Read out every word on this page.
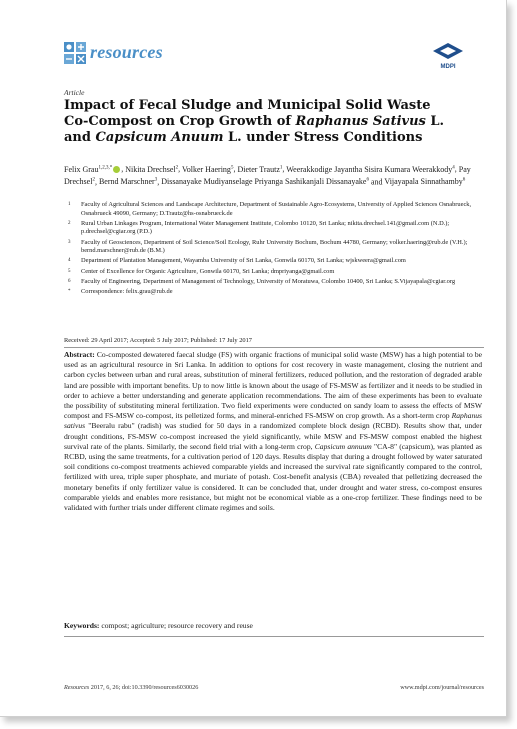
resources
MDPI
Article
Impact of Fecal Sludge and Municipal Solid Waste
Co-Compost on Crop Growth of Raphanus Sativus L.
and Capsicum Anuum L. under Stress Conditions
Felix Grau$^{1,2,3,*}$ , Nikita Drechsel$^2$, Volker Haering$^5$, Dieter Trautz$^1$, Weerakkodige Jayantha Sisira Kumara Weerakkody$^4$, Pay Drechsel$^2$, Bernd Marschner$^3$, Dissanayake Mudiyanselage Priyanga Sashikanjali Dissanayake$^6$ and Vijayapala Sinnathamby$^6$
1	Faculty of Agricultural Sciences and Landscape Architecture, Department of Sustainable Agro-Ecosystems, University of Applied Sciences Osnabrueck, Osnabrueck 49090, Germany; D.Trautz@hs-osnabrueck.de
2	Rural Urban Linkages Program, International Water Management Institute, Colombo 10120, Sri Lanka; nikita.drechsel.141@gmail.com (N.D.); p.drechsel@cgiar.org (P.D.)
3	Faculty of Geosciences, Department of Soil Science/Soil Ecology, Ruhr University Bochum, Bochum 44780, Germany; volker.haering@rub.de (V.H.); bernd.marschner@rub.de (B.M.)
4	Department of Plantation Management, Wayamba University of Sri Lanka, Gonwila 60170, Sri Lanka; wjskweera@gmail.com
5	Center of Excellence for Organic Agriculture, Gonwila 60170, Sri Lanka; dmpriyanga@gmail.com
6	Faculty of Engineering, Department of Management of Technology, University of Moratuwa, Colombo 10400, Sri Lanka; S.Vijayapala@cgiar.org
*	Correspondence: felix.grau@rub.de
Received: 29 April 2017; Accepted: 5 July 2017; Published: 17 July 2017
Abstract: Co-composted dewatered faecal sludge (FS) with organic fractions of municipal solid waste (MSW) has a high potential to be used as an agricultural resource in Sri Lanka. In addition to options for cost recovery in waste management, closing the nutrient and carbon cycles between urban and rural areas, substitution of mineral fertilizers, reduced pollution, and the restoration of degraded arable land are possible with important benefits. Up to now little is known about the usage of FS-MSW as fertilizer and it needs to be studied in order to achieve a better understanding and generate application recommendations. The aim of these experiments has been to evaluate the possibility of substituting mineral fertilization. Two field experiments were conducted on sandy loam to assess the effects of MSW compost and FS-MSW co-compost, its pelletized forms, and mineral-enriched FS-MSW on crop growth. As a short-term crop Raphanus sativus "Beeralu rabu" (radish) was studied for 50 days in a randomized complete block design (RCBD). Results show that, under drought conditions, FS-MSW co-compost increased the yield significantly, while MSW and FS-MSW compost enabled the highest survival rate of the plants. Similarly, the second field trial with a long-term crop, Capsicum annuum "CA-8" (capsicum), was planted as RCBD, using the same treatments, for a cultivation period of 120 days. Results display that during a drought followed by water saturated soil conditions co-compost treatments achieved comparable yields and increased the survival rate significantly compared to the control, fertilized with urea, triple super phosphate, and muriate of potash. Cost-benefit analysis (CBA) revealed that pelletizing decreased the monetary benefits if only fertilizer value is considered. It can be concluded that, under drought and water stress, co-compost ensures comparable yields and enables more resistance, but might not be economical viable as a one-crop fertilizer. These findings need to be validated with further trials under different climate regimes and soils.
Keywords: compost; agriculture; resource recovery and reuse
Resources 2017, 6, 26; doi:10.3390/resources6030026	www.mdpi.com/journal/resources
